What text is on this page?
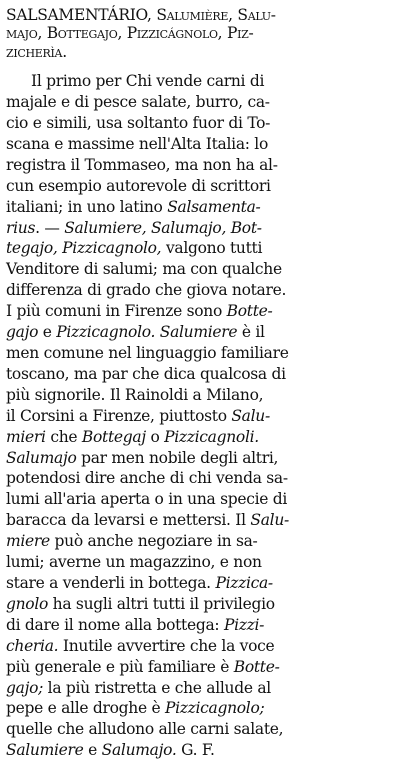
SALSAMENTÁRIO, Salumière, Salu-
majo, Bottegajo, Pizzicágnolo, Piz-
zicherìa.
Il primo per Chi vende carni di
majale e di pesce salate, burro, ca-
cio e simili, usa soltanto fuor di To-
scana e massime nell'Alta Italia: lo
registra il Tommaseo, ma non ha al-
cun esempio autorevole di scrittori
italiani; in uno latino Salsamenta-
rius. — Salumiere, Salumajo, Bot-
tegajo, Pizzicagnolo, valgono tutti
Venditore di salumi; ma con qualche
differenza di grado che giova notare.
I più comuni in Firenze sono Botte-
gajo e Pizzicagnolo. Salumiere è il
men comune nel linguaggio familiare
toscano, ma par che dica qualcosa di
più signorile. Il Rainoldi a Milano,
il Corsini a Firenze, piuttosto Salu-
mieri che Bottegaj o Pizzicagnoli.
Salumajo par men nobile degli altri,
potendosi dire anche di chi venda sa-
lumi all'aria aperta o in una specie di
baracca da levarsi e mettersi. Il Salu-
miere può anche negoziare in sa-
lumi; averne un magazzino, e non
stare a venderli in bottega. Pizzica-
gnolo ha sugli altri tutti il privilegio
di dare il nome alla bottega: Pizzi-
cheria. Inutile avvertire che la voce
più generale e più familiare è Botte-
gajo; la più ristretta e che allude al
pepe e alle droghe è Pizzicagnolo;
quelle che alludono alle carni salate,
Salumiere e Salumajo. G. F.
